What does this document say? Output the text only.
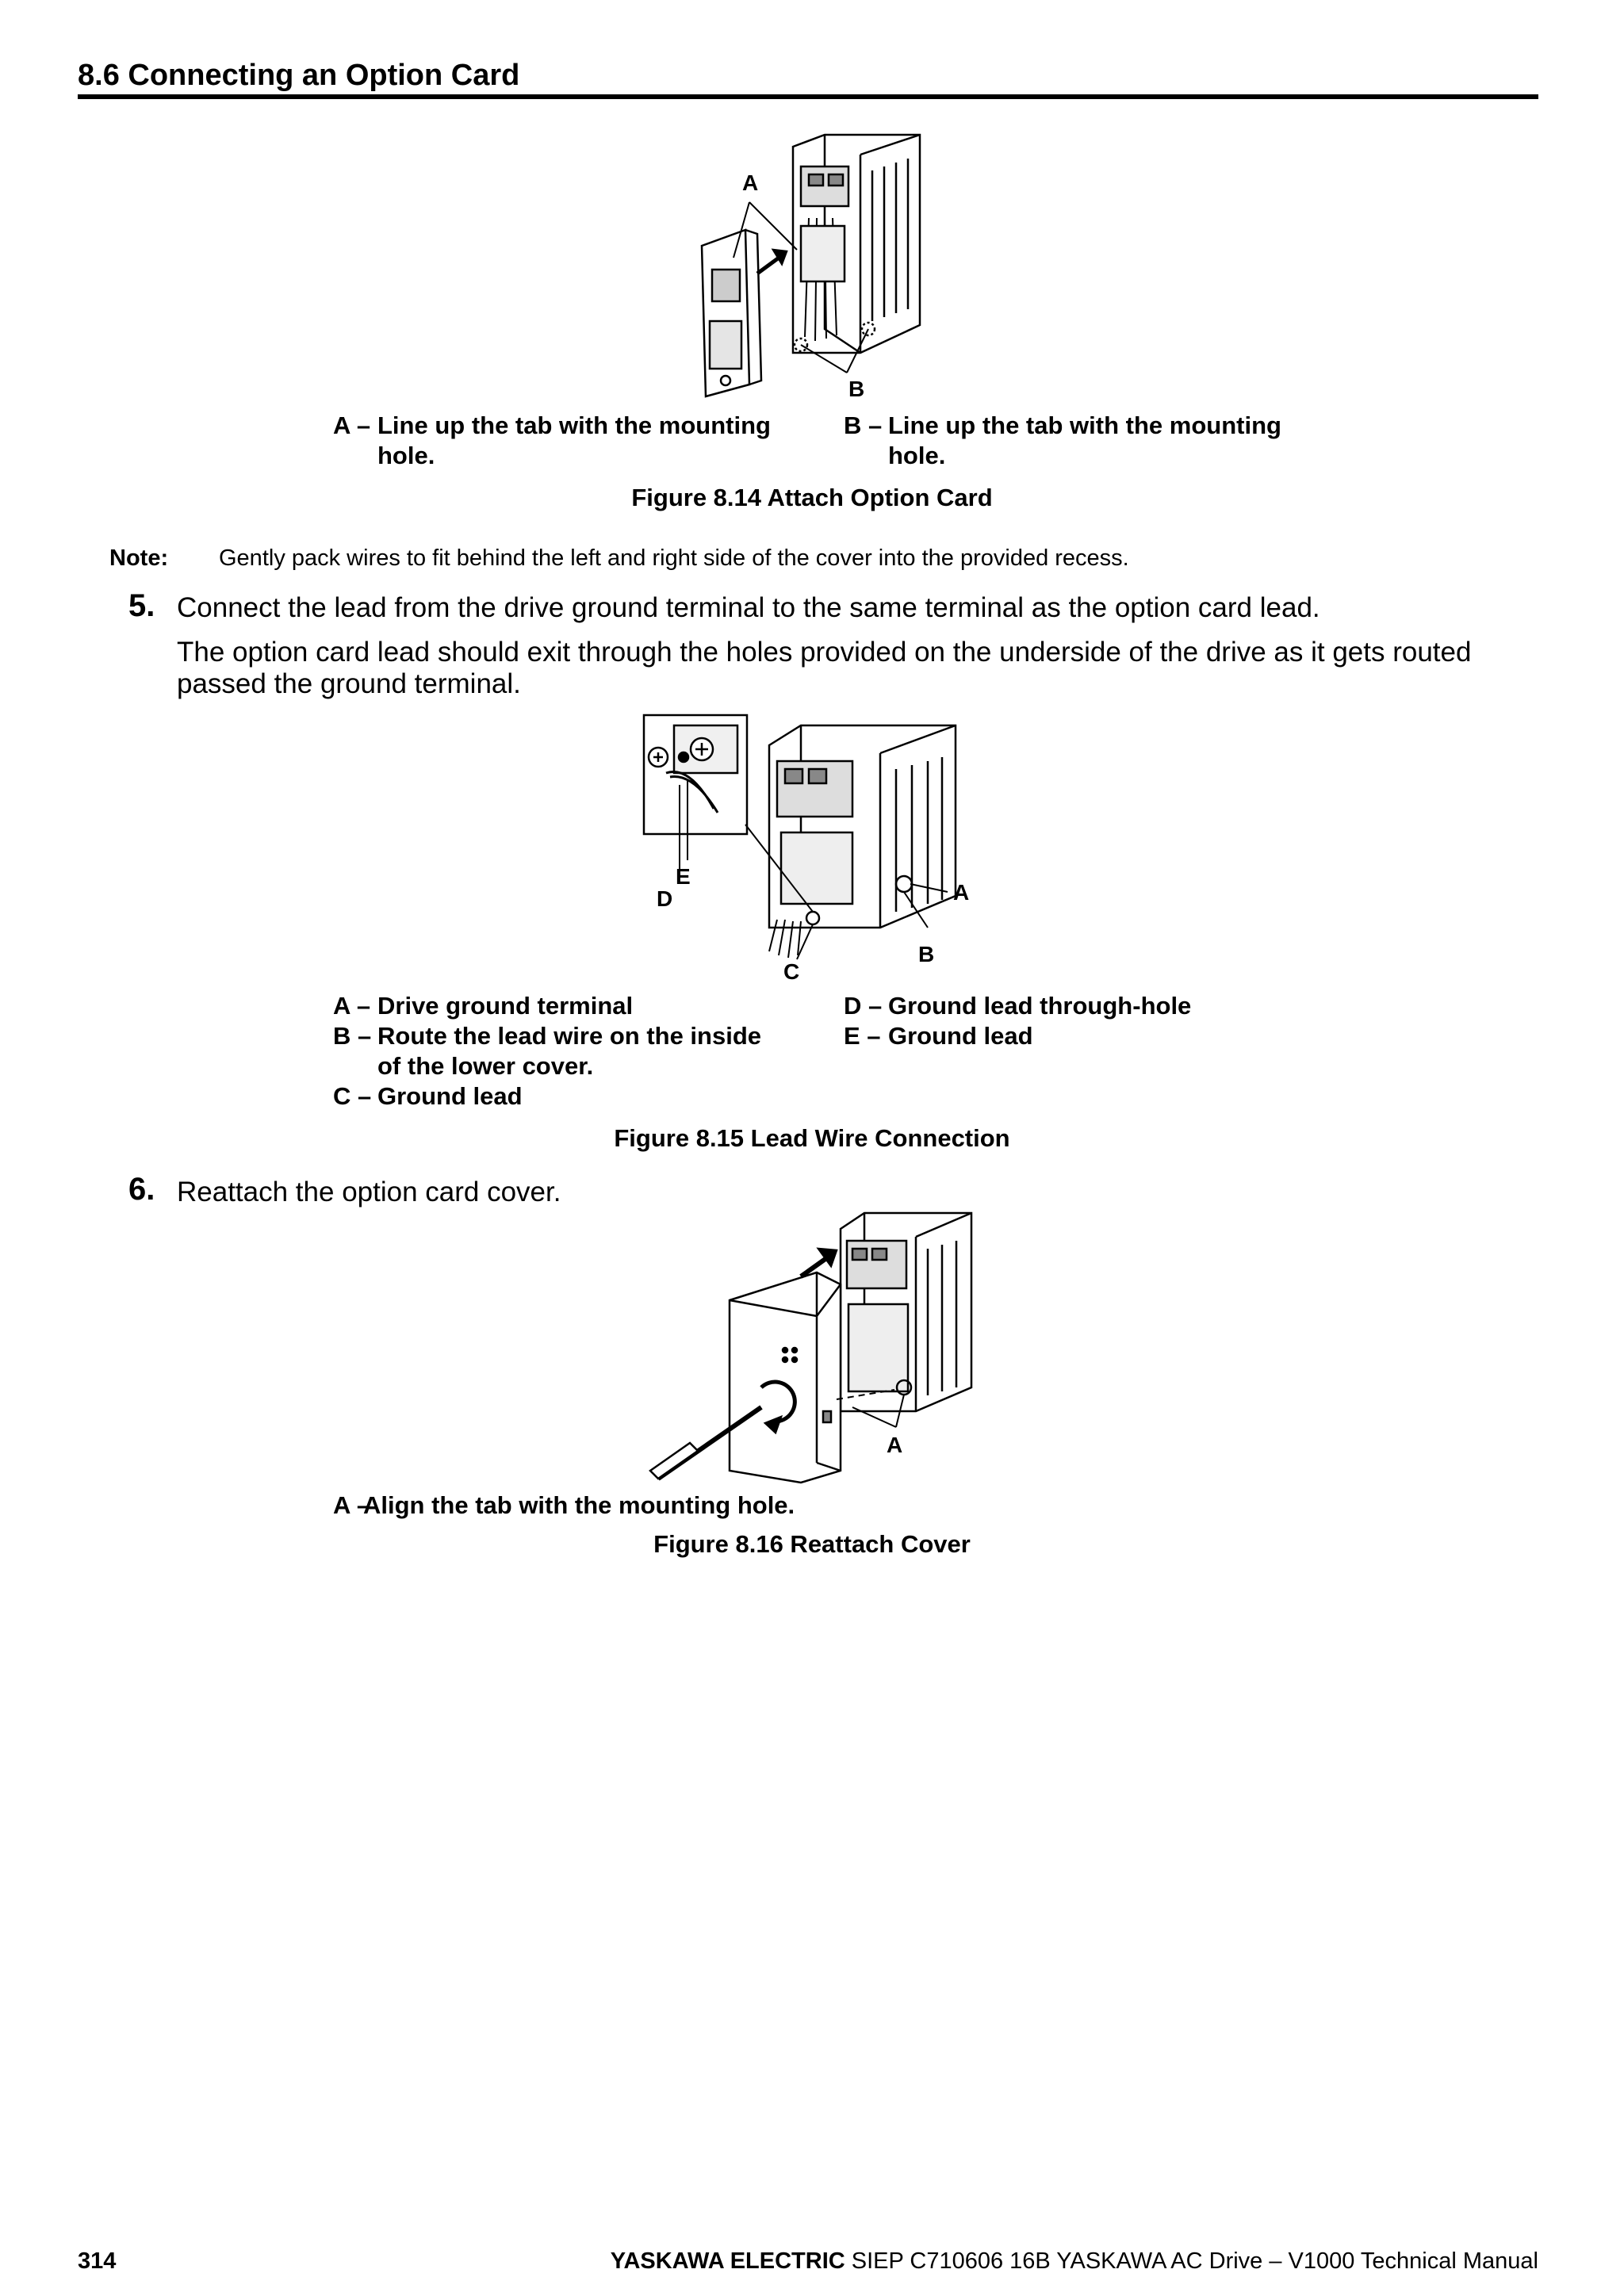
8.6 Connecting an Option Card
A
B
A – Line up the tab with the mounting hole.
B – Line up the tab with the mounting hole.
Figure 8.14 Attach Option Card
Note: Gently pack wires to fit behind the left and right side of the cover into the provided recess.
5. Connect the lead from the drive ground terminal to the same terminal as the option card lead.
The option card lead should exit through the holes provided on the underside of the drive as it gets routed passed the ground terminal.
E
D	A
B
C
A – Drive ground terminal
B – Route the lead wire on the inside of the lower cover.
C – Ground lead
D – Ground lead through-hole
E – Ground lead
Figure 8.15 Lead Wire Connection
6. Reattach the option card cover.
A
A –
Align the tab with the mounting hole.
Figure 8.16 Reattach Cover
314	YASKAWA ELECTRIC SIEP C710606 16B YASKAWA AC Drive – V1000 Technical Manual
